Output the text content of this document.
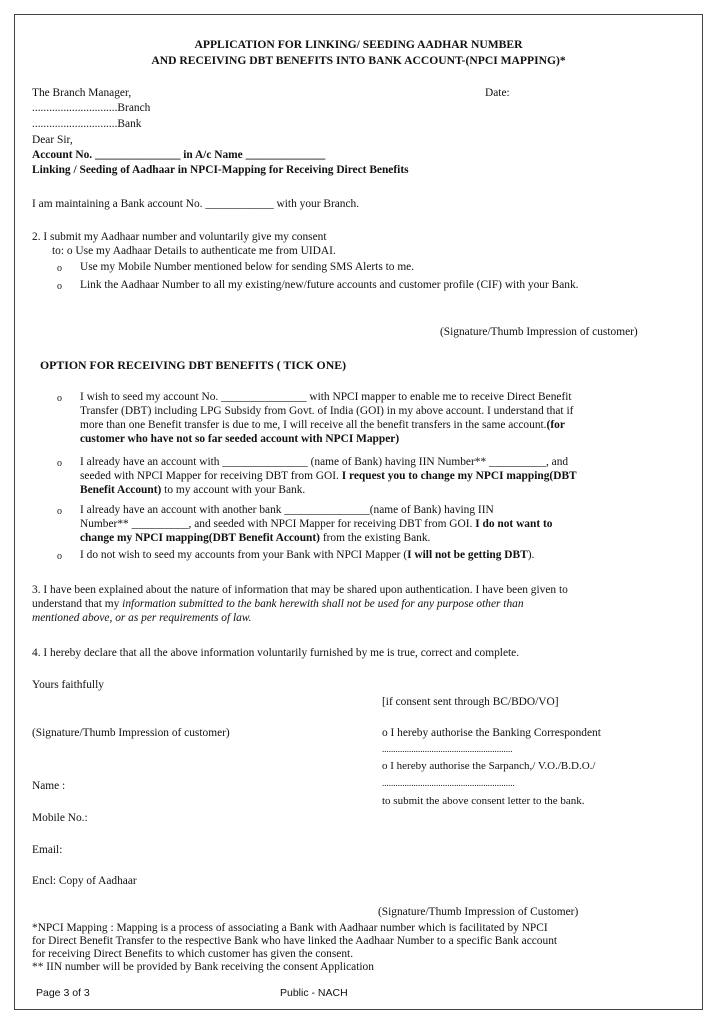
APPLICATION FOR LINKING/ SEEDING AADHAR NUMBER
AND RECEIVING DBT BENEFITS INTO BANK ACCOUNT-(NPCI MAPPING)*
The Branch Manager,	Date:
..............................Branch
..............................Bank
Dear Sir,
Account No. _______________ in A/c Name ______________
Linking / Seeding of Aadhaar in NPCI-Mapping for Receiving Direct Benefits
I am maintaining a Bank account No. ____________ with your Branch.
2. I submit my Aadhaar number and voluntarily give my consent
to: o Use my Aadhaar Details to authenticate me from UIDAI.
o Use my Mobile Number mentioned below for sending SMS Alerts to me.
o Link the Aadhaar Number to all my existing/new/future accounts and customer profile (CIF) with your Bank.
(Signature/Thumb Impression of customer)
OPTION FOR RECEIVING DBT BENEFITS ( TICK ONE)
o I wish to seed my account No. _______________ with NPCI mapper to enable me to receive Direct Benefit
Transfer (DBT) including LPG Subsidy from Govt. of India (GOI) in my above account. I understand that if
more than one Benefit transfer is due to me, I will receive all the benefit transfers in the same account.(for
customer who have not so far seeded account with NPCI Mapper)
o I already have an account with _______________ (name of Bank) having IIN Number** __________, and
seeded with NPCI Mapper for receiving DBT from GOI. I request you to change my NPCI mapping(DBT
Benefit Account) to my account with your Bank.
o I already have an account with another bank _______________(name of Bank) having IIN
Number** __________, and seeded with NPCI Mapper for receiving DBT from GOI. I do not want to
change my NPCI mapping(DBT Benefit Account) from the existing Bank.
o I do not wish to seed my accounts from your Bank with NPCI Mapper (I will not be getting DBT).
3. I have been explained about the nature of information that may be shared upon authentication. I have been given to
understand that my information submitted to the bank herewith shall not be used for any purpose other than
mentioned above, or as per requirements of law.
4. I hereby declare that all the above information voluntarily furnished by me is true, correct and complete.
Yours faithfully
[if consent sent through BC/BDO/VO]
(Signature/Thumb Impression of customer)	o I hereby authorise the Banking Correspondent
..........................................................
o I hereby authorise the Sarpanch,/ V.O./B.D.O./
...........................................................
to submit the above consent letter to the bank.
Name :
Mobile No.:
Email:
Encl: Copy of Aadhaar
(Signature/Thumb Impression of Customer)
*NPCI Mapping : Mapping is a process of associating a Bank with Aadhaar number which is facilitated by NPCI
for Direct Benefit Transfer to the respective Bank who have linked the Aadhaar Number to a specific Bank account
for receiving Direct Benefits to which customer has given the consent.
** IIN number will be provided by Bank receiving the consent Application
Page 3 of 3	Public - NACH
